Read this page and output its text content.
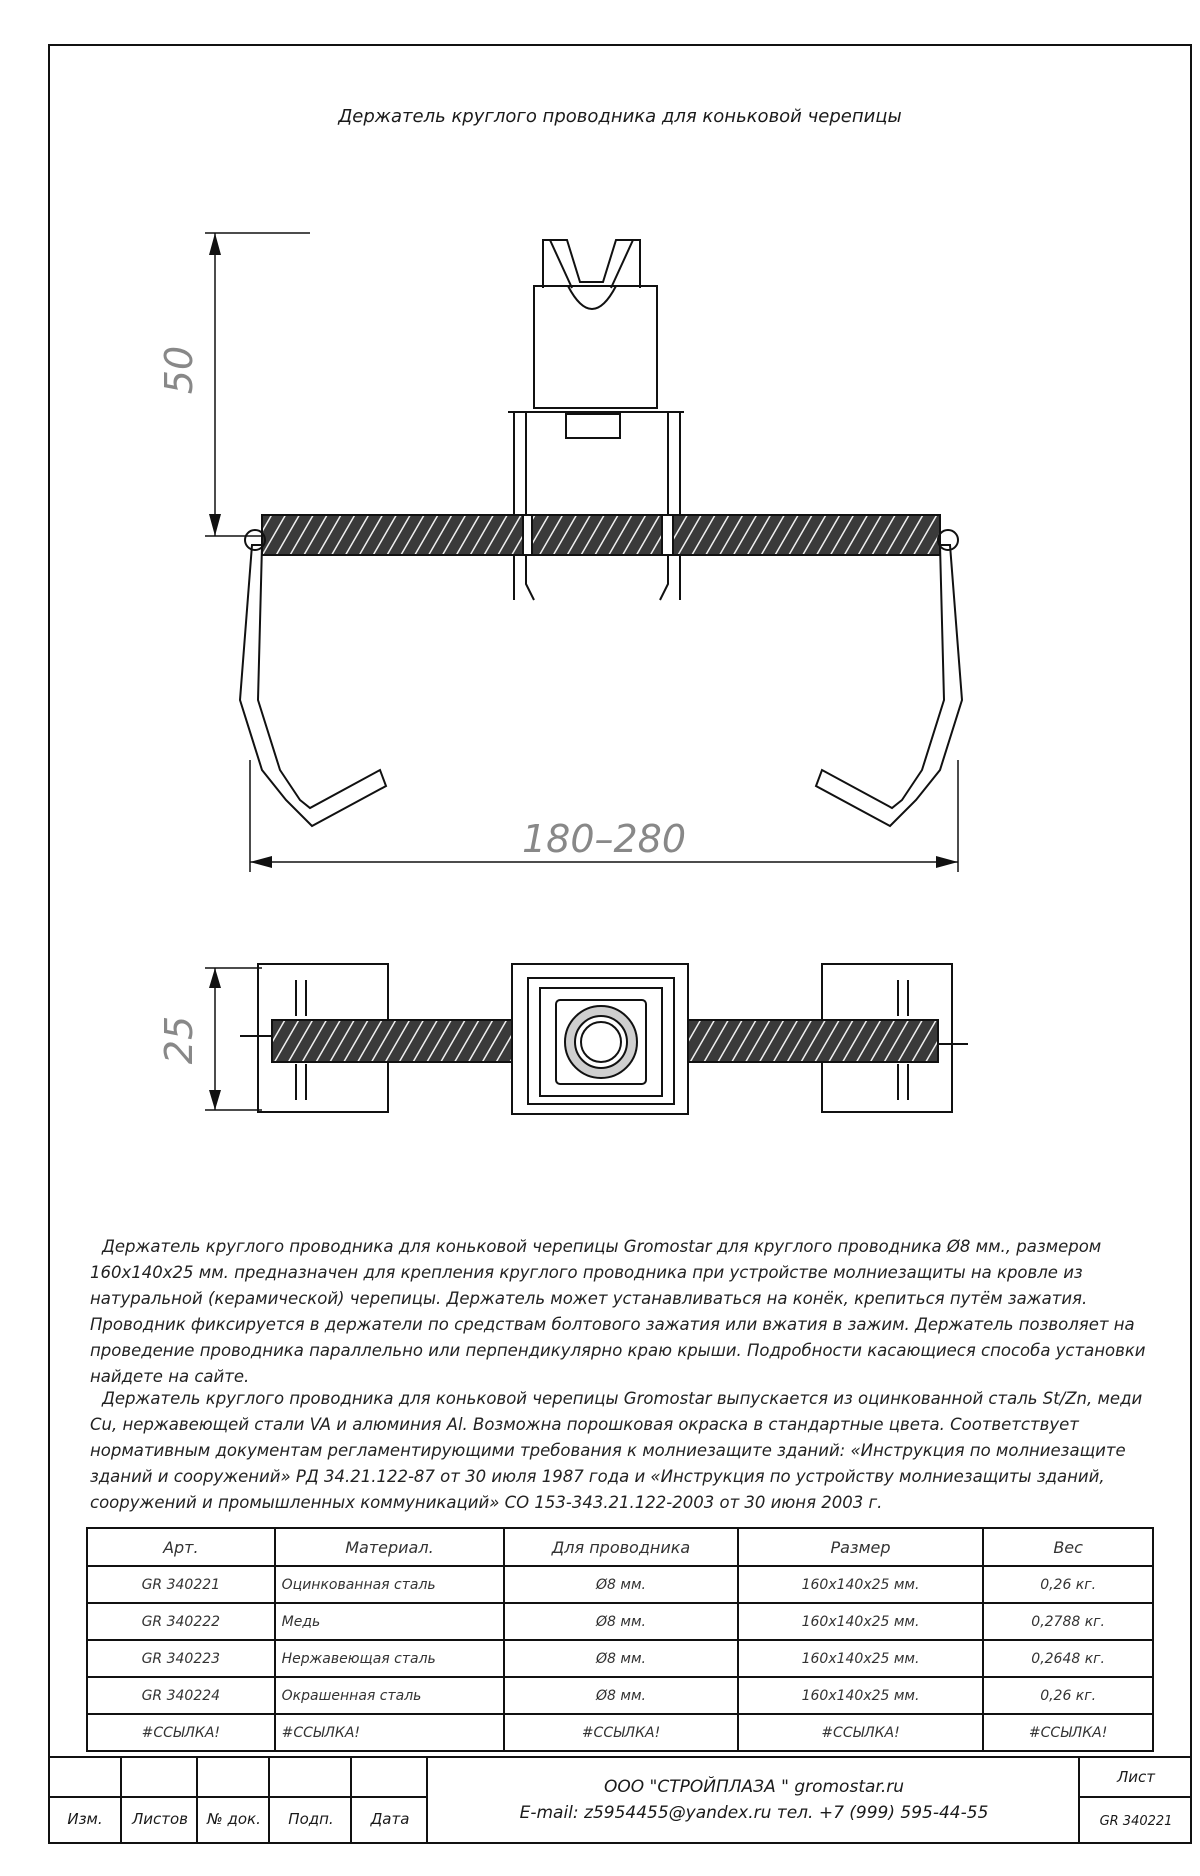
Держатель круглого проводника для коньковой черепицы
50
180–280
25

Держатель круглого проводника для коньковой черепицы Gromostar для круглого проводника Ø8 мм., размером 160x140x25 мм. предназначен для крепления круглого проводника при устройстве молниезащиты на кровле из натуральной (керамической) черепицы. Держатель может устанавливаться на конёк, крепиться путём зажатия. Проводник фиксируется в держатели по средствам болтового зажатия или вжатия в зажим. Держатель позволяет на проведение проводника параллельно или перпендикулярно краю крыши. Подробности касающиеся способа установки найдете на сайте.

Держатель круглого проводника для коньковой черепицы Gromostar выпускается из оцинкованной сталь St/Zn, меди Cu, нержавеющей стали VA и алюминия Al. Возможна порошковая окраска в стандартные цвета. Соответствует нормативным документам регламентирующими требования к молниезащите зданий: «Инструкция по молниезащите зданий и сооружений» РД 34.21.122-87 от 30 июля 1987 года и «Инструкция по устройству молниезащиты зданий, сооружений и промышленных коммуникаций» СО 153-343.21.122-2003 от 30 июня 2003 г.

Арт.	Материал.	Для проводника	Размер	Вес
GR 340221	Оцинкованная сталь	Ø8 мм.	160x140x25 мм.	0,26 кг.
GR 340222	Медь	Ø8 мм.	160x140x25 мм.	0,2788 кг.
GR 340223	Нержавеющая сталь	Ø8 мм.	160x140x25 мм.	0,2648 кг.
GR 340224	Окрашенная сталь	Ø8 мм.	160x140x25 мм.	0,26 кг.
#ССЫЛКА!	#ССЫЛКА!	#ССЫЛКА!	#ССЫЛКА!	#ССЫЛКА!
Изм.	Листов	№ док.	Подп.	Дата
ООО "СТРОЙПЛАЗА " gromostar.ru
E-mail: z5954455@yandex.ru тел. +7 (999) 595-44-55
Лист
GR 340221
